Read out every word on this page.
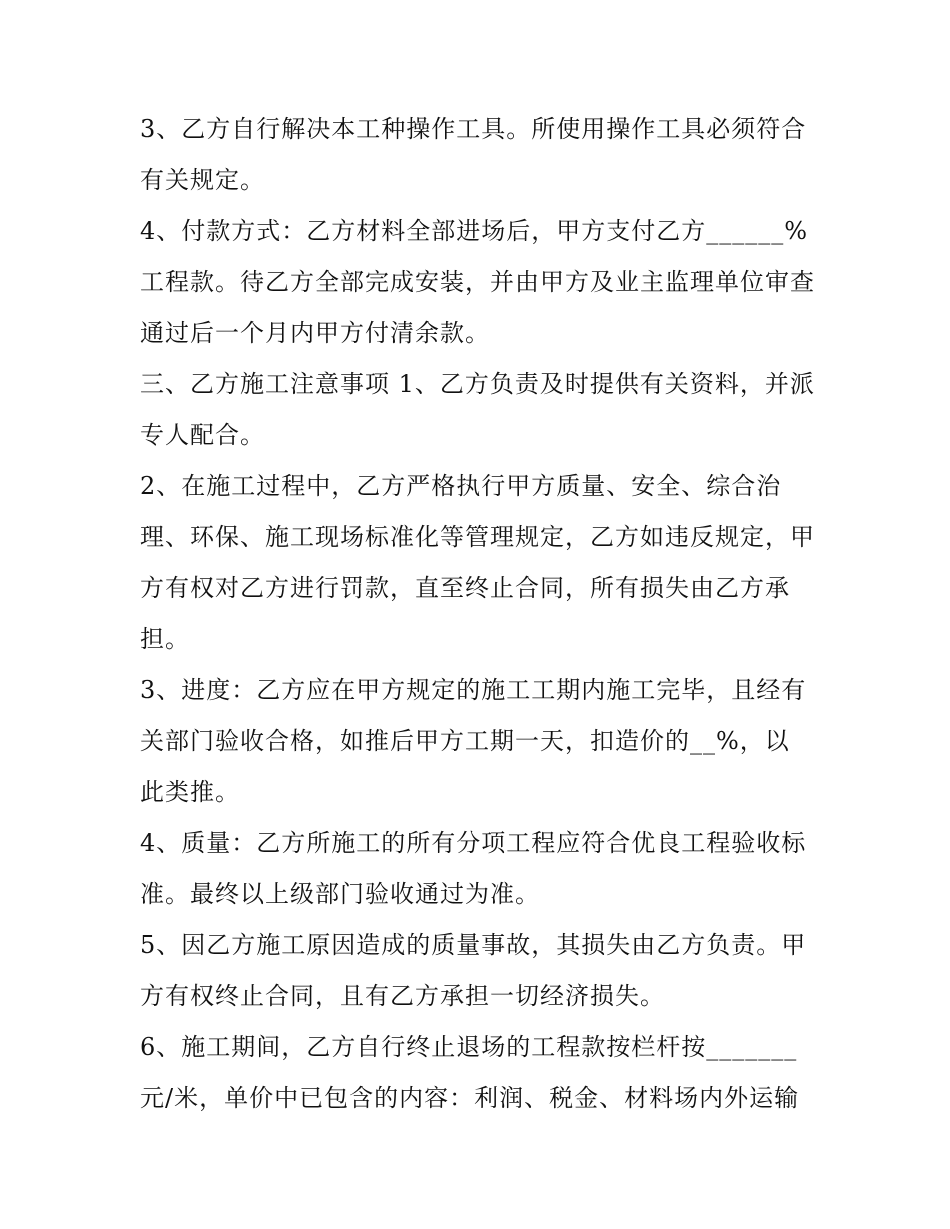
3、乙方自行解决本工种操作工具。所使用操作工具必须符合
有关规定。

4、付款方式：乙方材料全部进场后，甲方支付乙方______%
工程款。待乙方全部完成安装，并由甲方及业主监理单位审查
通过后一个月内甲方付清余款。

三、乙方施工注意事项 1、乙方负责及时提供有关资料，并派
专人配合。

2、在施工过程中，乙方严格执行甲方质量、安全、综合治
理、环保、施工现场标准化等管理规定，乙方如违反规定，甲
方有权对乙方进行罚款，直至终止合同，所有损失由乙方承
担。

3、进度：乙方应在甲方规定的施工工期内施工完毕，且经有
关部门验收合格，如推后甲方工期一天，扣造价的__%，以
此类推。

4、质量：乙方所施工的所有分项工程应符合优良工程验收标
准。最终以上级部门验收通过为准。

5、因乙方施工原因造成的质量事故，其损失由乙方负责。甲
方有权终止合同，且有乙方承担一切经济损失。

6、施工期间，乙方自行终止退场的工程款按栏杆按_______
元/米，单价中已包含的内容：利润、税金、材料场内外运输
